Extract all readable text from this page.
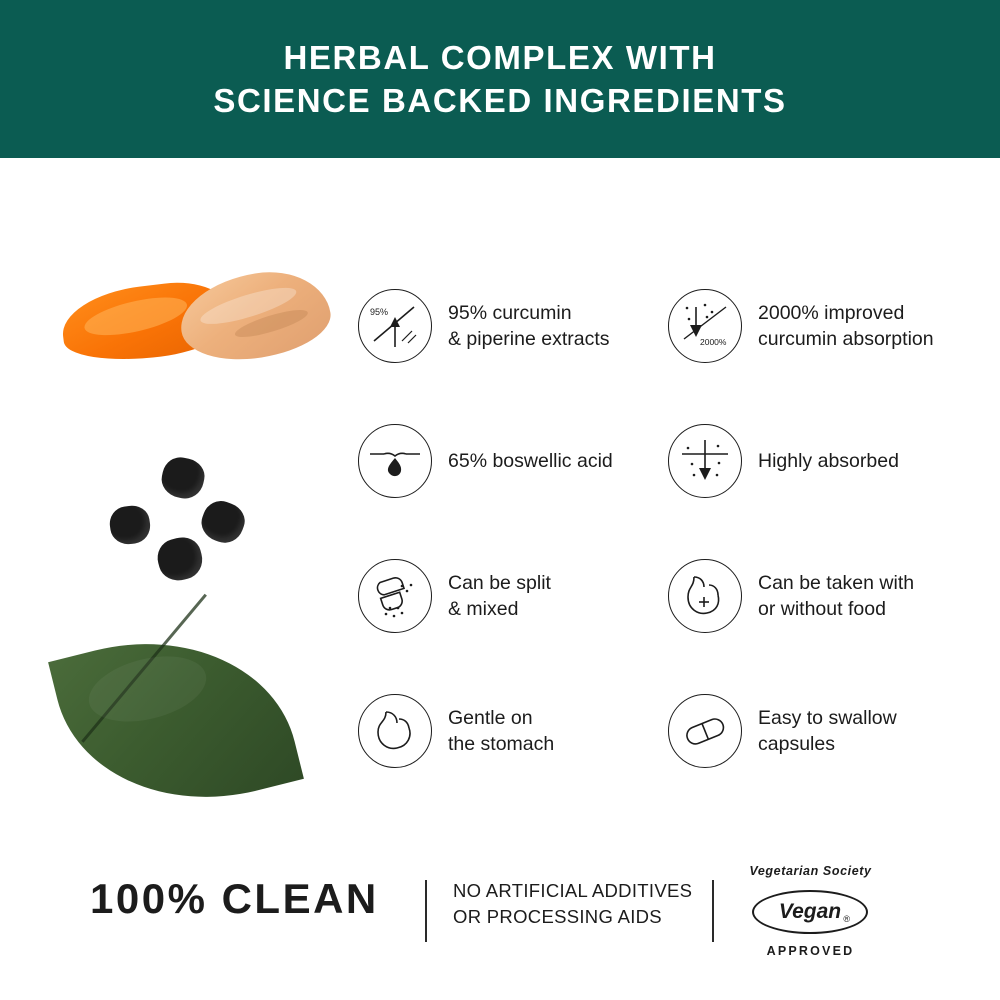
HERBAL COMPLEX WITH
SCIENCE BACKED INGREDIENTS
95%	95% curcumin
& piperine extracts	2000%
2000% improved
curcumin absorption
65% boswellic acid	Highly absorbed
Can be split
& mixed
Can be taken with
or without food
Gentle on
the stomach
Easy to swallow
capsules
100% CLEAN	NO ARTIFICIAL ADDITIVES
OR PROCESSING AIDS
Vegetarian Society
Vegan ®
APPROVED
